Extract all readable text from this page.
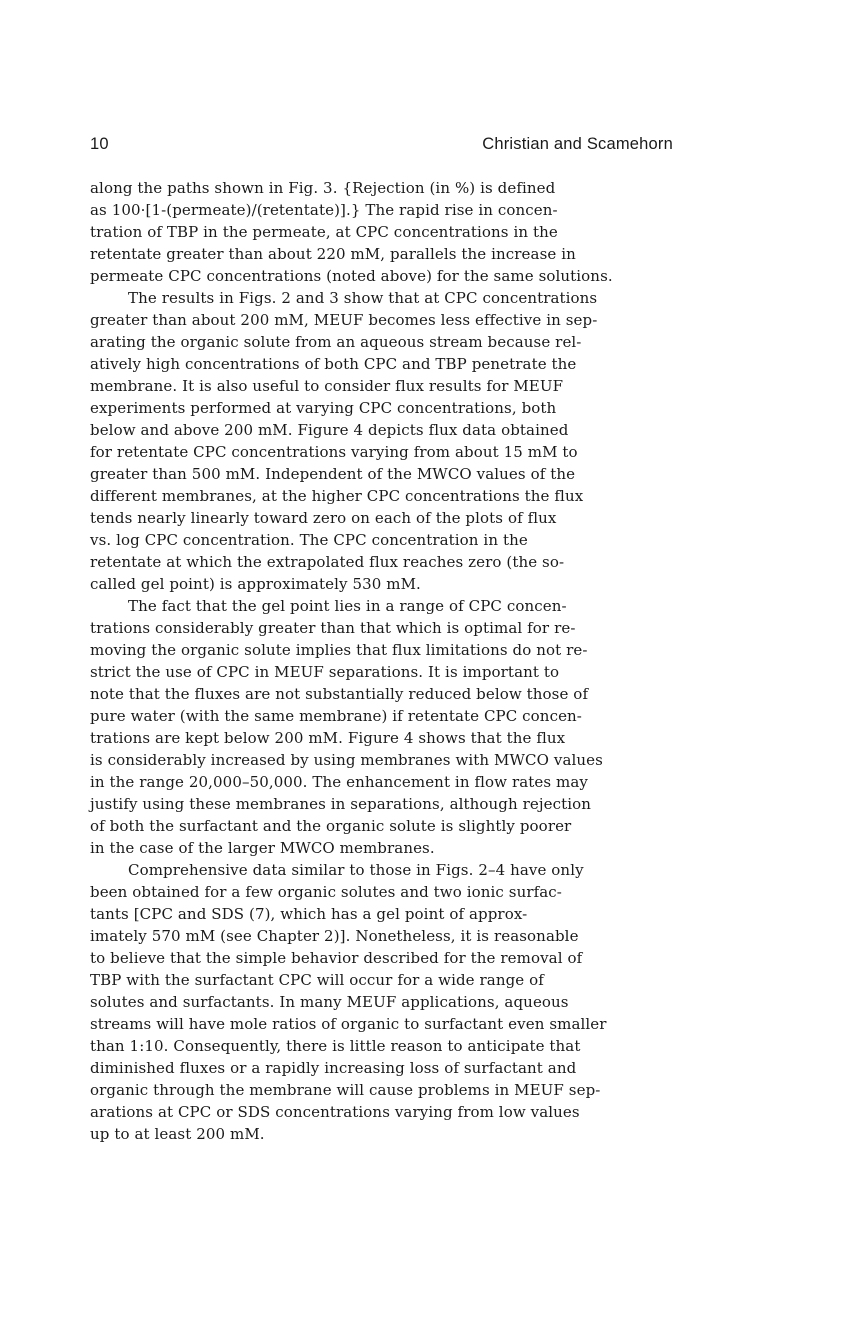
10	Christian and Scamehorn
along the paths shown in Fig. 3. {Rejection (in %) is defined
as 100·[1-(permeate)/(retentate)].} The rapid rise in concen-
tration of TBP in the permeate, at CPC concentrations in the
retentate greater than about 220 mM, parallels the increase in
permeate CPC concentrations (noted above) for the same solutions.
The results in Figs. 2 and 3 show that at CPC concentrations
greater than about 200 mM, MEUF becomes less effective in sep-
arating the organic solute from an aqueous stream because rel-
atively high concentrations of both CPC and TBP penetrate the
membrane. It is also useful to consider flux results for MEUF
experiments performed at varying CPC concentrations, both
below and above 200 mM. Figure 4 depicts flux data obtained
for retentate CPC concentrations varying from about 15 mM to
greater than 500 mM. Independent of the MWCO values of the
different membranes, at the higher CPC concentrations the flux
tends nearly linearly toward zero on each of the plots of flux
vs. log CPC concentration. The CPC concentration in the
retentate at which the extrapolated flux reaches zero (the so-
called gel point) is approximately 530 mM.
The fact that the gel point lies in a range of CPC concen-
trations considerably greater than that which is optimal for re-
moving the organic solute implies that flux limitations do not re-
strict the use of CPC in MEUF separations. It is important to
note that the fluxes are not substantially reduced below those of
pure water (with the same membrane) if retentate CPC concen-
trations are kept below 200 mM. Figure 4 shows that the flux
is considerably increased by using membranes with MWCO values
in the range 20,000–50,000. The enhancement in flow rates may
justify using these membranes in separations, although rejection
of both the surfactant and the organic solute is slightly poorer
in the case of the larger MWCO membranes.
Comprehensive data similar to those in Figs. 2–4 have only
been obtained for a few organic solutes and two ionic surfac-
tants [CPC and SDS (7), which has a gel point of approx-
imately 570 mM (see Chapter 2)]. Nonetheless, it is reasonable
to believe that the simple behavior described for the removal of
TBP with the surfactant CPC will occur for a wide range of
solutes and surfactants. In many MEUF applications, aqueous
streams will have mole ratios of organic to surfactant even smaller
than 1:10. Consequently, there is little reason to anticipate that
diminished fluxes or a rapidly increasing loss of surfactant and
organic through the membrane will cause problems in MEUF sep-
arations at CPC or SDS concentrations varying from low values
up to at least 200 mM.
